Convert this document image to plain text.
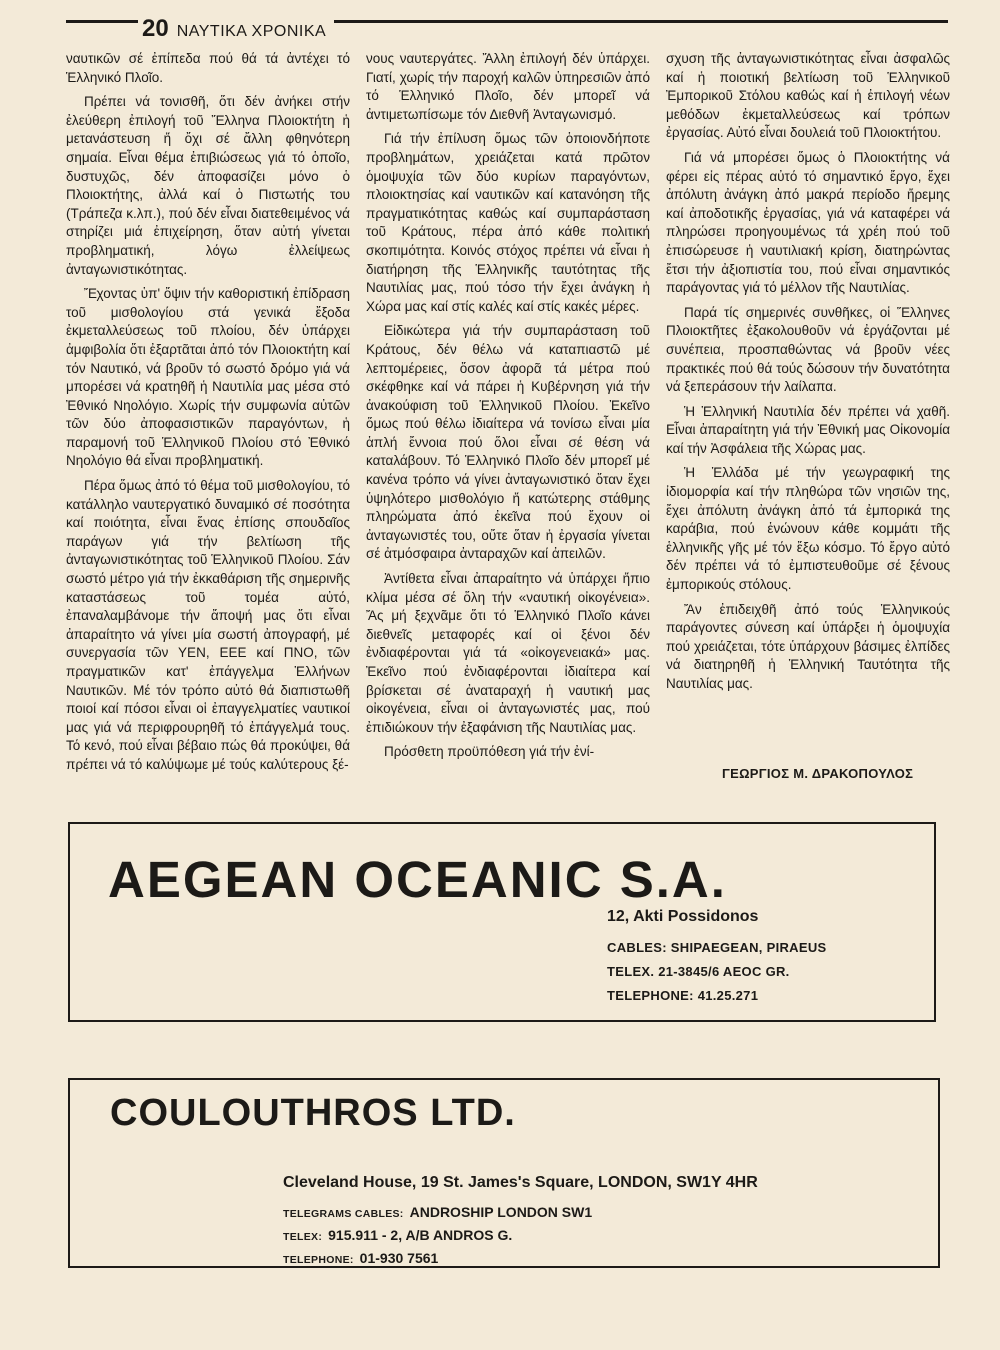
20 ΝΑΥΤΙΚΑ ΧΡΟΝΙΚΑ

ναυτικῶν σέ ἐπίπεδα πού θά τά ἀντέχει τό Ἑλληνικό Πλοῖο.

Πρέπει νά τονισθῆ, ὅτι δέν ἀνήκει στήν ἐλεύθερη ἐπιλογή τοῦ Ἕλληνα Πλοιοκτήτη ἡ μετανάστευση ἤ ὄχι σέ ἄλλη φθηνότερη σημαία. Εἶναι θέμα ἐπιβιώσεως γιά τό ὁποῖο, δυστυχῶς, δέν ἀποφασίζει μόνο ὁ Πλοιοκτήτης, ἀλλά καί ὁ Πιστωτής του (Τράπεζα κ.λπ.), πού δέν εἶναι διατεθειμένος νά στηρίζει μιά ἐπιχείρηση, ὅταν αὐτή γίνεται προβληματική, λόγω ἐλλείψεως ἀνταγωνιστικότητας.

Ἔχοντας ὑπ' ὄψιν τήν καθοριστική ἐπίδραση τοῦ μισθολογίου στά γενικά ἔξοδα ἐκμεταλλεύσεως τοῦ πλοίου, δέν ὑπάρχει ἀμφιβολία ὅτι ἐξαρτᾶται ἀπό τόν Πλοιοκτήτη καί τόν Ναυτικό, νά βροῦν τό σωστό δρόμο γιά νά μπορέσει νά κρατηθῆ ἡ Ναυτιλία μας μέσα στό Ἐθνικό Νηολόγιο. Χωρίς τήν συμφωνία αὐτῶν τῶν δύο ἀποφασιστικῶν παραγόντων, ἡ παραμονή τοῦ Ἑλληνικοῦ Πλοίου στό Ἐθνικό Νηολόγιο θά εἶναι προβληματική.

Πέρα ὅμως ἀπό τό θέμα τοῦ μισθολογίου, τό κατάλληλο ναυτεργατικό δυναμικό σέ ποσότητα καί ποιότητα, εἶναι ἕνας ἐπίσης σπουδαῖος παράγων γιά τήν βελτίωση τῆς ἀνταγωνιστικότητας τοῦ Ἑλληνικοῦ Πλοίου. Σάν σωστό μέτρο γιά τήν ἐκκαθάριση τῆς σημερινῆς καταστάσεως τοῦ τομέα αὐτό, ἐπαναλαμβάνομε τήν ἄποψή μας ὅτι εἶναι ἀπαραίτητο νά γίνει μία σωστή ἀπογραφή, μέ συνεργασία τῶν ΥΕΝ, ΕΕΕ καί ΠΝΟ, τῶν πραγματικῶν κατ' ἐπάγγελμα Ἑλλήνων Ναυτικῶν. Μέ τόν τρόπο αὐτό θά διαπιστωθῆ ποιοί καί πόσοι εἶναι οἱ ἐπαγγελματίες ναυτικοί μας γιά νά περιφρουρηθῆ τό ἐπάγγελμά τους. Τό κενό, πού εἶναι βέβαιο πώς θά προκύψει, θά πρέπει νά τό καλύψωμε μέ τούς καλύτερους ξέ-

νους ναυτεργάτες. Ἄλλη ἐπιλογή δέν ὑπάρχει. Γιατί, χωρίς τήν παροχή καλῶν ὑπηρεσιῶν ἀπό τό Ἑλληνικό Πλοῖο, δέν μπορεῖ νά ἀντιμετωπίσωμε τόν Διεθνῆ Ἀνταγωνισμό.

Γιά τήν ἐπίλυση ὅμως τῶν ὁποιονδήποτε προβλημάτων, χρειάζεται κατά πρῶτον ὁμοψυχία τῶν δύο κυρίων παραγόντων, πλοιοκτησίας καί ναυτικῶν καί κατανόηση τῆς πραγματικότητας καθώς καί συμπαράσταση τοῦ Κράτους, πέρα ἀπό κάθε πολιτική σκοπιμότητα. Κοινός στόχος πρέπει νά εἶναι ἡ διατήρηση τῆς Ἑλληνικῆς ταυτότητας τῆς Ναυτιλίας μας, πού τόσο τήν ἔχει ἀνάγκη ἡ Χώρα μας καί στίς καλές καί στίς κακές μέρες.

Εἰδικώτερα γιά τήν συμπαράσταση τοῦ Κράτους, δέν θέλω νά καταπιαστῶ μέ λεπτομέρειες, ὅσον ἀφορᾶ τά μέτρα πού σκέφθηκε καί νά πάρει ἡ Κυβέρνηση γιά τήν ἀνακούφιση τοῦ Ἑλληνικοῦ Πλοίου. Ἐκεῖνο ὅμως πού θέλω ἰδιαίτερα νά τονίσω εἶναι μία ἁπλή ἔννοια πού ὅλοι εἶναι σέ θέση νά καταλάβουν. Τό Ἑλληνικό Πλοῖο δέν μπορεῖ μέ κανένα τρόπο νά γίνει ἀνταγωνιστικό ὅταν ἔχει ὑψηλότερο μισθολόγιο ἤ κατώτερης στάθμης πληρώματα ἀπό ἐκεῖνα πού ἔχουν οἱ ἀνταγωνιστές του, οὔτε ὅταν ἡ ἐργασία γίνεται σέ ἀτμόσφαιρα ἀνταραχῶν καί ἀπειλῶν.

Ἀντίθετα εἶναι ἀπαραίτητο νά ὑπάρχει ἤπιο κλίμα μέσα σέ ὅλη τήν «ναυτική οἰκογένεια». Ἄς μή ξεχνᾶμε ὅτι τό Ἑλληνικό Πλοῖο κάνει διεθνεῖς μεταφορές καί οἱ ξένοι δέν ἐνδιαφέρονται γιά τά «οἰκογενειακά» μας. Ἐκεῖνο πού ἐνδιαφέρονται ἰδιαίτερα καί βρίσκεται σέ ἀναταραχή ἡ ναυτική μας οἰκογένεια, εἶναι οἱ ἀνταγωνιστές μας, πού ἐπιδιώκουν τήν ἐξαφάνιση τῆς Ναυτιλίας μας.

Πρόσθετη προϋπόθεση γιά τήν ἐνί-

σχυση τῆς ἀνταγωνιστικότητας εἶναι ἀσφαλῶς καί ἡ ποιοτική βελτίωση τοῦ Ἑλληνικοῦ Ἐμπορικοῦ Στόλου καθώς καί ἡ ἐπιλογή νέων μεθόδων ἐκμεταλλεύσεως καί τρόπων ἐργασίας. Αὐτό εἶναι δουλειά τοῦ Πλοιοκτήτου.

Γιά νά μπορέσει ὅμως ὁ Πλοιοκτήτης νά φέρει εἰς πέρας αὐτό τό σημαντικό ἔργο, ἔχει ἀπόλυτη ἀνάγκη ἀπό μακρά περίοδο ἤρεμης καί ἀποδοτικῆς ἐργασίας, γιά νά καταφέρει νά πληρώσει προηγουμένως τά χρέη πού τοῦ ἐπισώρευσε ἡ ναυτιλιακή κρίση, διατηρώντας ἔτσι τήν ἀξιοπιστία του, πού εἶναι σημαντικός παράγοντας γιά τό μέλλον τῆς Ναυτιλίας.

Παρά τίς σημερινές συνθῆκες, οἱ Ἕλληνες Πλοιοκτῆτες ἐξακολουθοῦν νά ἐργάζονται μέ συνέπεια, προσπαθώντας νά βροῦν νέες πρακτικές πού θά τούς δώσουν τήν δυνατότητα νά ξεπεράσουν τήν λαίλαπα.

Ἡ Ἑλληνική Ναυτιλία δέν πρέπει νά χαθῆ. Εἶναι ἀπαραίτητη γιά τήν Ἐθνική μας Οἰκονομία καί τήν Ἀσφάλεια τῆς Χώρας μας.

Ἡ Ἑλλάδα μέ τήν γεωγραφική της ἰδιομορφία καί τήν πληθώρα τῶν νησιῶν της, ἔχει ἀπόλυτη ἀνάγκη ἀπό τά ἐμπορικά της καράβια, πού ἑνώνουν κάθε κομμάτι τῆς ἑλληνικῆς γῆς μέ τόν ἔξω κόσμο. Τό ἔργο αὐτό δέν πρέπει νά τό ἐμπιστευθοῦμε σέ ξένους ἐμπορικούς στόλους.

Ἄν ἐπιδειχθῆ ἀπό τούς Ἑλληνικούς παράγοντες σύνεση καί ὑπάρξει ἡ ὁμοψυχία πού χρειάζεται, τότε ὑπάρχουν βάσιμες ἐλπίδες νά διατηρηθῆ ἡ Ἑλληνική Ταυτότητα τῆς Ναυτιλίας μας.

ΓΕΩΡΓΙΟΣ Μ. ΔΡΑΚΟΠΟΥΛΟΣ
AEGEAN OCEANIC S.A.
12, Akti Possidonos
CABLES: SHIPAEGEAN, PIRAEUS
TELEX. 21-3845/6 AEOC GR.
TELEPHONE: 41.25.271
COULOUTHROS LTD.
Cleveland House, 19 St. James's Square, LONDON, SW1Y 4HR
TELEGRAMS CABLES: ANDROSHIP LONDON SW1
TELEX: 915.911 - 2, A/B ANDROS G.
TELEPHONE: 01-930 7561
